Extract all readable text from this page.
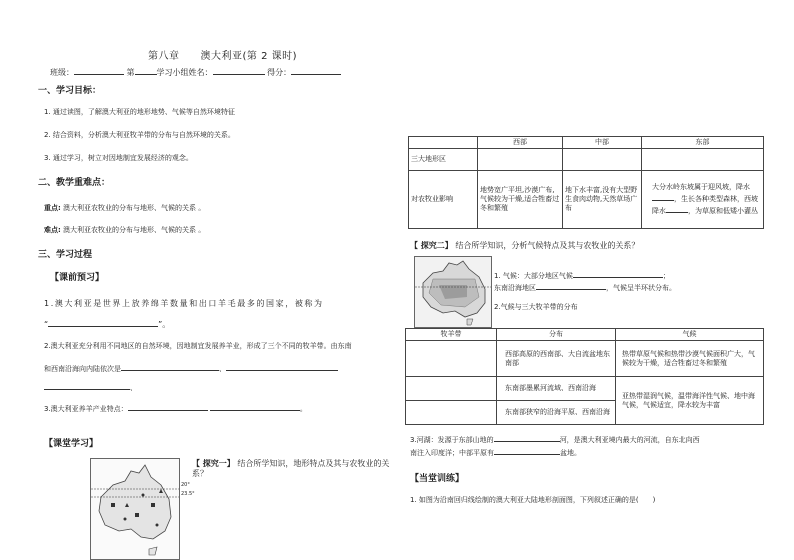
第八章　　澳大利亚(第 2 课时)
班级：	第	学习小组姓名：	得分：
一、学习目标：
1. 通过读图，了解澳大利亚的地形地势、气候等自然环境特征
2. 结合资料，分析澳大利亚牧羊带的分布与自然环境的关系。
3. 通过学习，树立对因地制宜发展经济的观念。
二、教学重难点：
重点: 澳大利亚农牧业的分布与地形、气候的关系 。
难点: 澳大利亚农牧业的分布与地形、气候的关系 。
三、学习过程
【课前预习】
1.澳大利亚是世界上放养绵羊数量和出口羊毛最多的国家，被称为
“	”。
2.澳大利亚充分利用不同地区的自然环境，因地制宜发展养羊业，形成了三个不同的牧羊带。由东南
和西南沿海向内陆依次是	、
、
3.澳大利亚养羊产业特点：	。
【课堂学习】
20°
23.5°
【 探究一】 结合所学知识，地形特点及其与农牧业的关系？
	西部	中部	东部
三大地形区			
对农牧业影响	地势宽广平坦,沙漠广布,气候较为干燥,适合牲畜过冬和繁殖	地下水丰富,没有大型野生食肉动物,天然草场广布	大分水岭东坡属于迎风坡，降水，生长各种类型森林，西坡降水 ，为草原和低矮小灌丛
【 探究二】 结合所学知识，分析气候特点及其与农牧业的关系？
1. 气候：大部分地区气候	；
东南沿海地区	，气候呈半环状分布。
2.气候与三大牧羊带的分布
牧羊带	分布	气候
	西部高原的西南部、大自流盆地东南部	热带草原气候和热带沙漠气候面积广大，气候较为干燥，适合牲畜过冬和繁殖
	东南部墨累河流域、西南沿海	亚热带湿润气候，温带海洋性气候、地中海气候，气候适宜，降水较为丰富
	东南部狭窄的沿海平原、西南沿海	
3.河湖：发源于东部山地的	河，是澳大利亚境内最大的河流，自东北向西
南注入印度洋；中部平原有	盆地。
【当堂训练】
1. 如图为沿南回归线绘制的澳大利亚大陆地形剖面图，下列叙述正确的是(　　)
